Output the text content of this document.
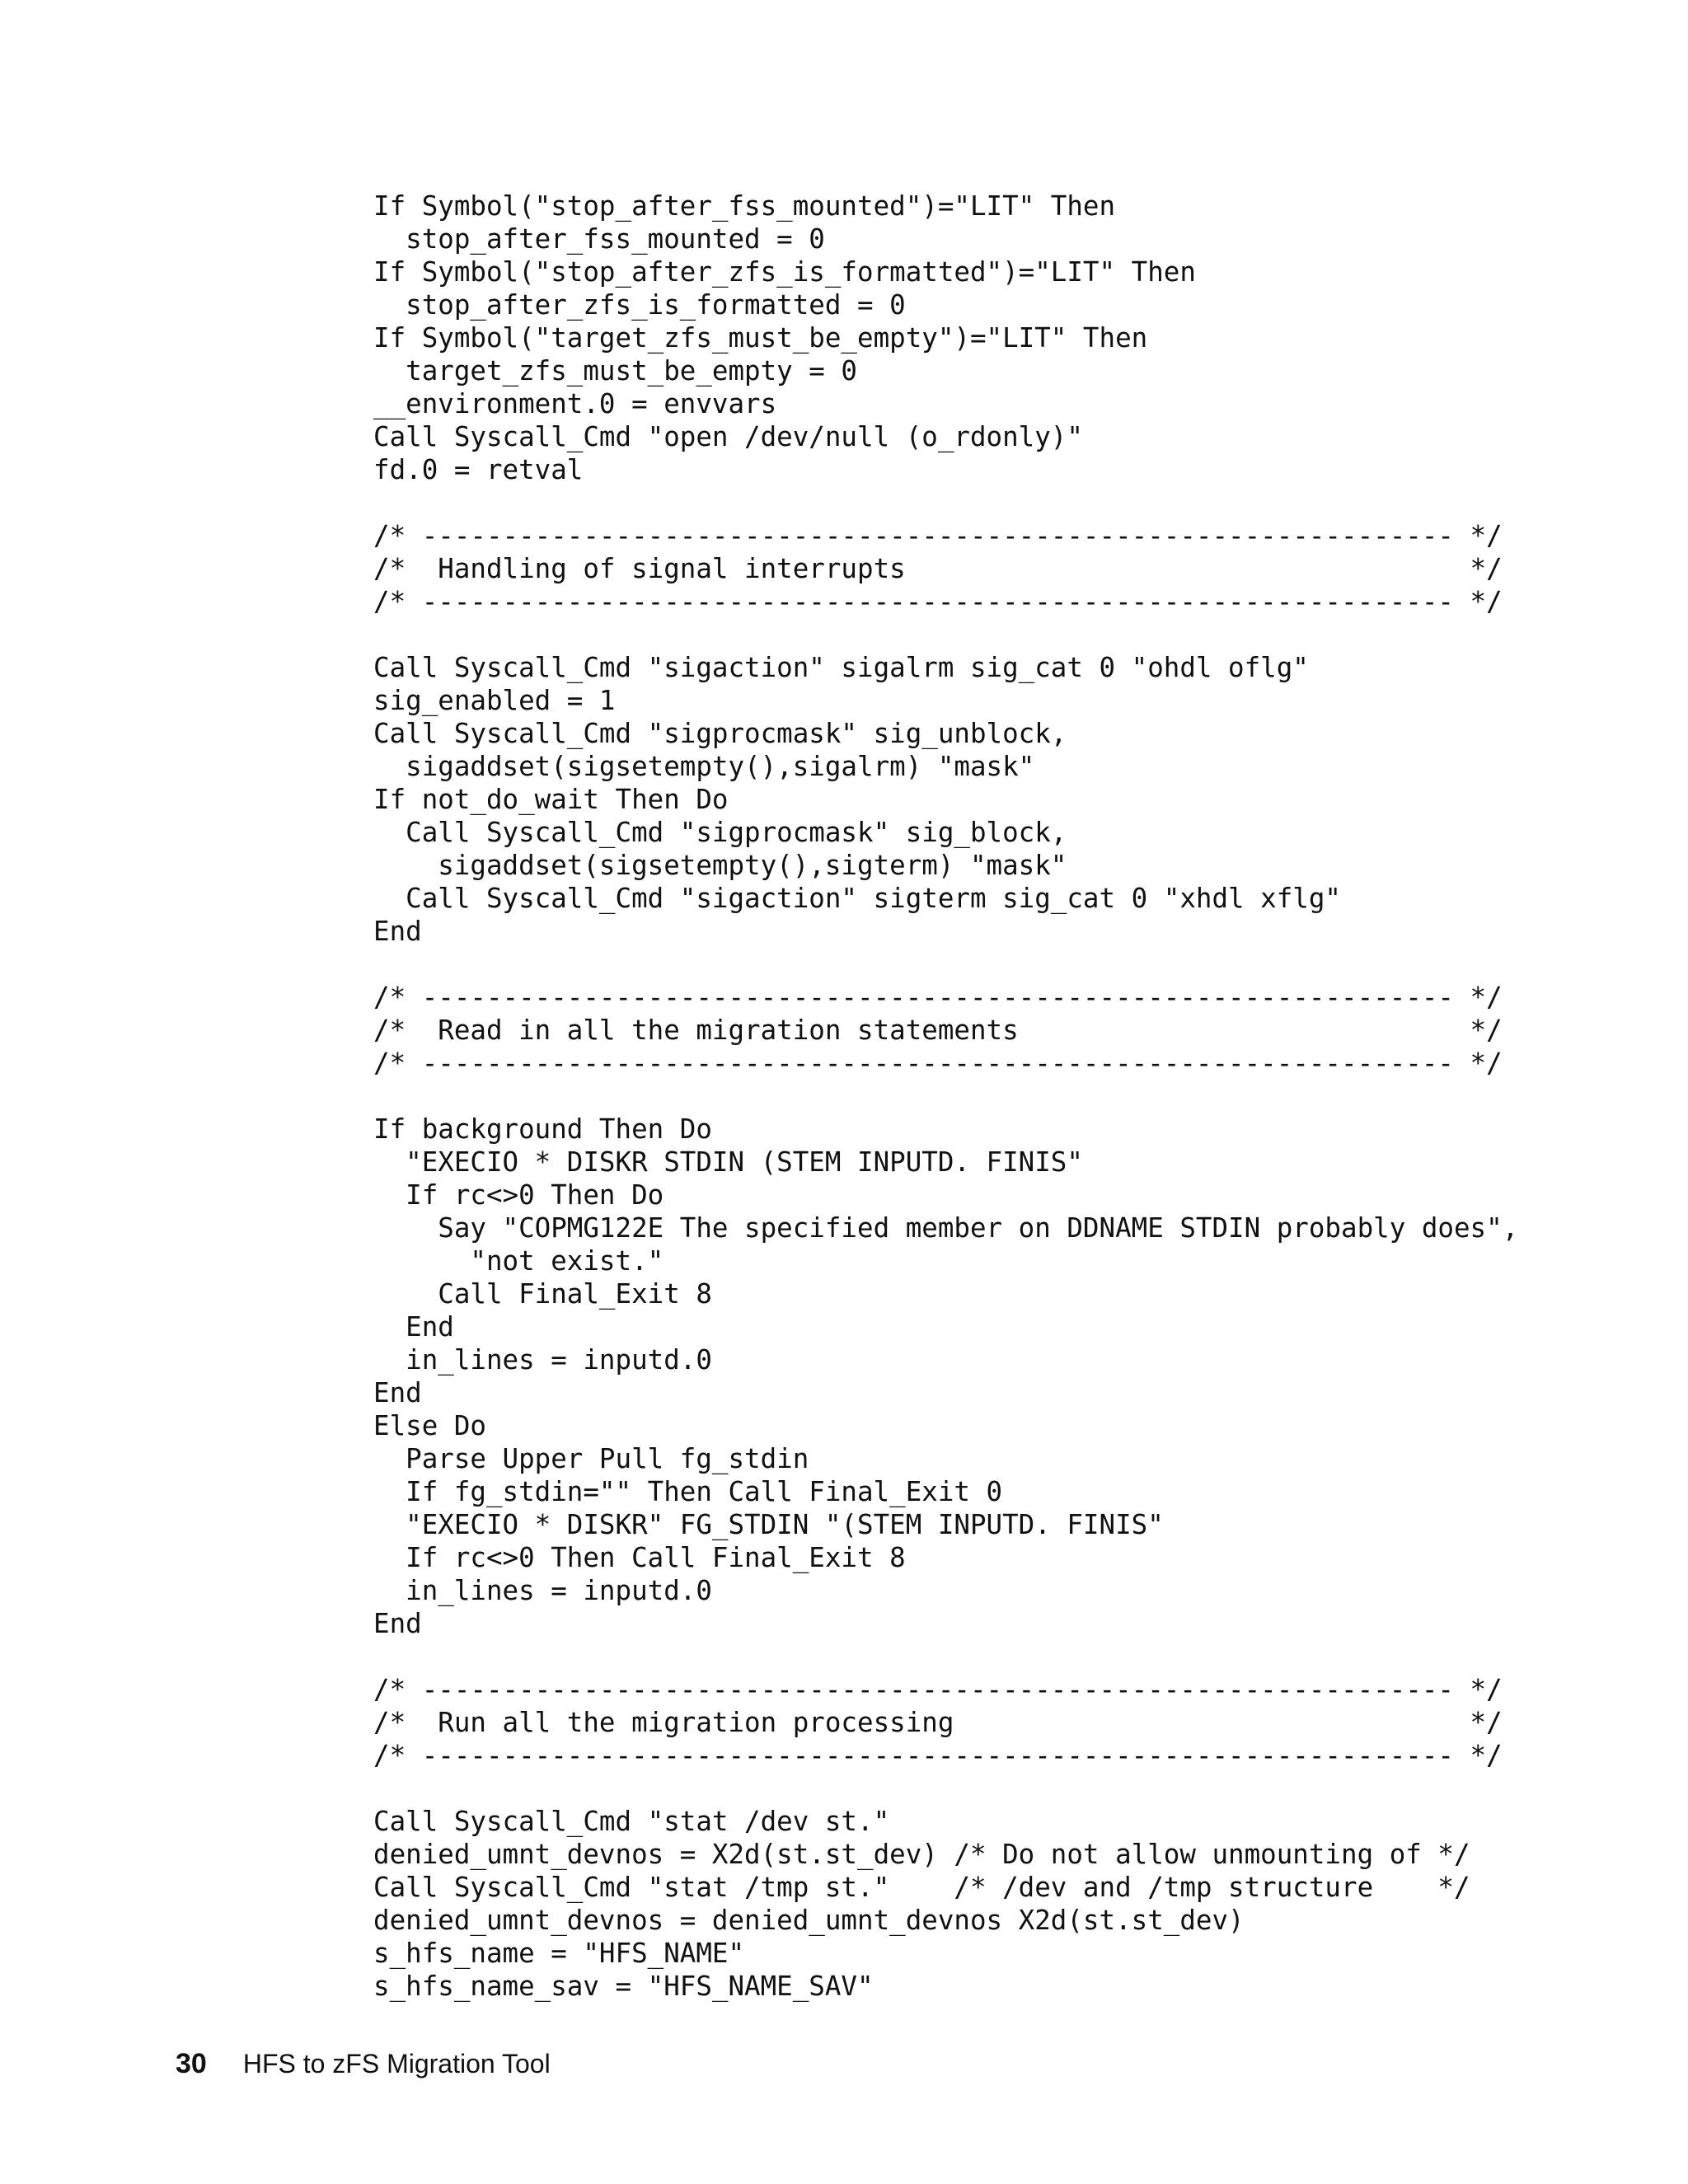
If Symbol("stop_after_fss_mounted")="LIT" Then
stop_after_fss_mounted = 0
If Symbol("stop_after_zfs_is_formatted")="LIT" Then
stop_after_zfs_is_formatted = 0
If Symbol("target_zfs_must_be_empty")="LIT" Then
target_zfs_must_be_empty = 0
__environment.0 = envvars
Call Syscall_Cmd "open /dev/null (o_rdonly)"
fd.0 = retval
/* ---------------------------------------------------------------- */
/*  Handling of signal interrupts                                   */
/* ---------------------------------------------------------------- */
Call Syscall_Cmd "sigaction" sigalrm sig_cat 0 "ohdl oflg"
sig_enabled = 1
Call Syscall_Cmd "sigprocmask" sig_unblock,
sigaddset(sigsetempty(),sigalrm) "mask"
If not_do_wait Then Do
Call Syscall_Cmd "sigprocmask" sig_block,
sigaddset(sigsetempty(),sigterm) "mask"
Call Syscall_Cmd "sigaction" sigterm sig_cat 0 "xhdl xflg"
End
/* ---------------------------------------------------------------- */
/*  Read in all the migration statements                            */
/* ---------------------------------------------------------------- */
If background Then Do
"EXECIO * DISKR STDIN (STEM INPUTD. FINIS"
If rc<>0 Then Do
Say "COPMG122E The specified member on DDNAME STDIN probably does",
"not exist."
Call Final_Exit 8
End
in_lines = inputd.0
End
Else Do
Parse Upper Pull fg_stdin
If fg_stdin="" Then Call Final_Exit 0
"EXECIO * DISKR" FG_STDIN "(STEM INPUTD. FINIS"
If rc<>0 Then Call Final_Exit 8
in_lines = inputd.0
End
/* ---------------------------------------------------------------- */
/*  Run all the migration processing                                */
/* ---------------------------------------------------------------- */
Call Syscall_Cmd "stat /dev st."
denied_umnt_devnos = X2d(st.st_dev) /* Do not allow unmounting of */
Call Syscall_Cmd "stat /tmp st."    /* /dev and /tmp structure    */
denied_umnt_devnos = denied_umnt_devnos X2d(st.st_dev)
s_hfs_name = "HFS_NAME"
s_hfs_name_sav = "HFS_NAME_SAV"
30 HFS to zFS Migration Tool
